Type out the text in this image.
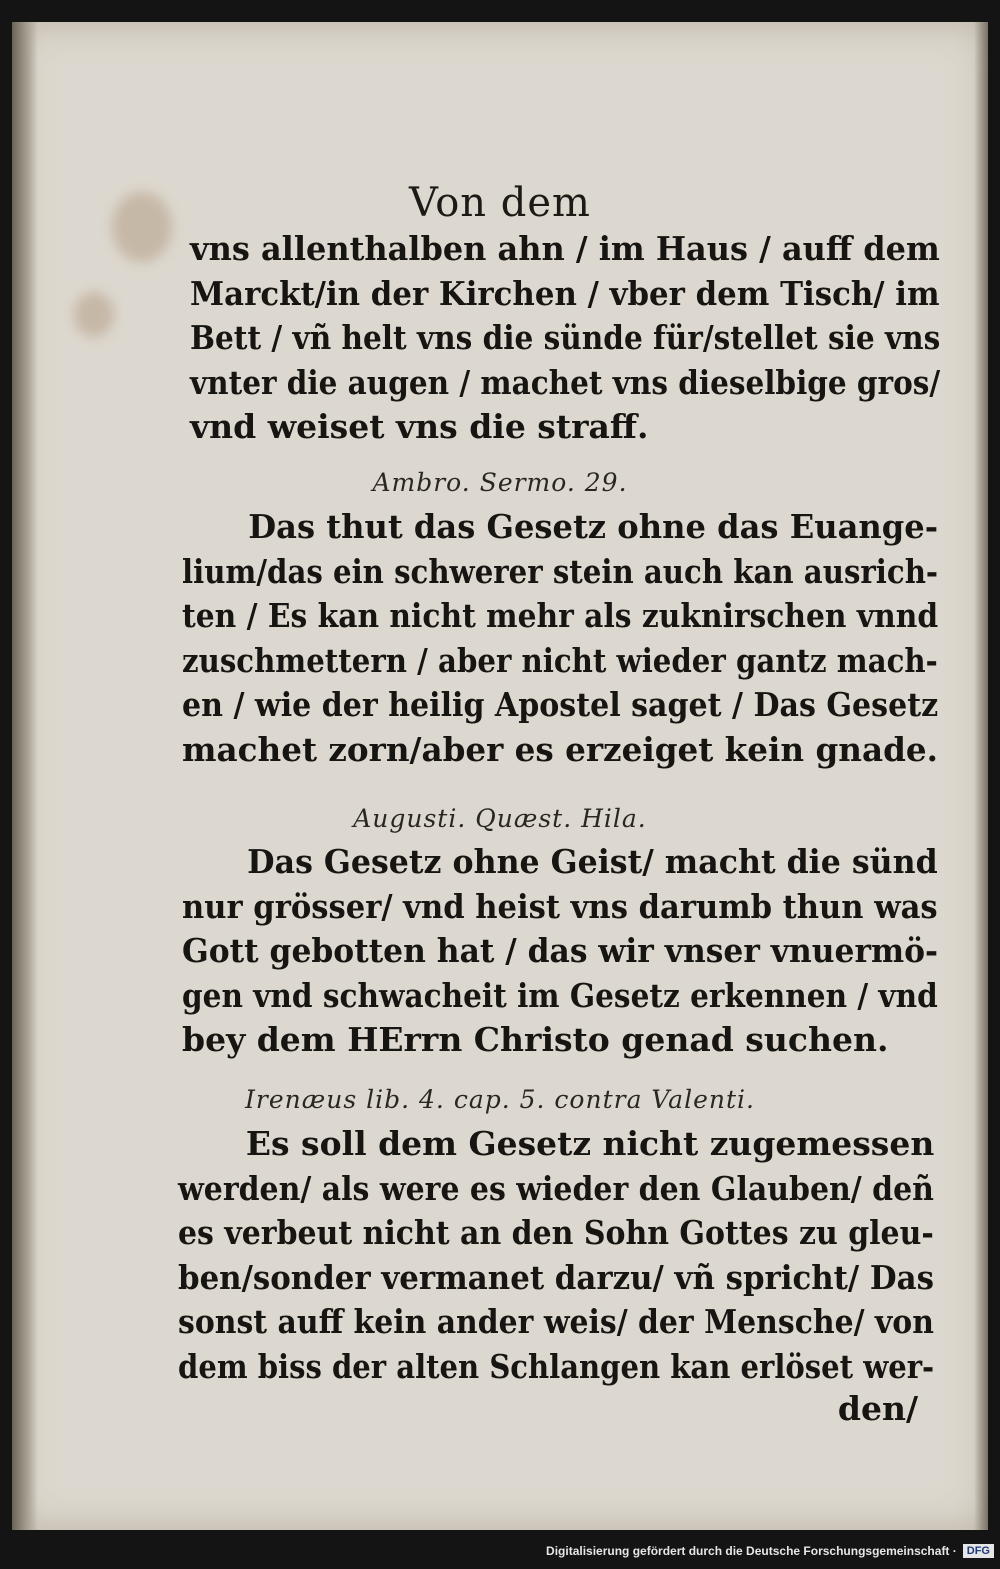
Von dem
vns allenthalben ahn / im Haus / auff dem
Marckt/in der Kirchen / vber dem Tisch/ im
Bett / vñ helt vns die sünde für/stellet sie vns
vnter die augen / machet vns dieselbige gros/
vnd weiset vns die straff.
Ambro. Sermo. 29.
Das thut das Gesetz ohne das Euange-
lium/das ein schwerer stein auch kan ausrich-
ten / Es kan nicht mehr als zuknirschen vnnd
zuschmettern / aber nicht wieder gantz mach-
en / wie der heilig Apostel saget / Das Gesetz
machet zorn/aber es erzeiget kein gnade.
Augusti. Quæst. Hila.
Das Gesetz ohne Geist/ macht die sünd
nur grösser/ vnd heist vns darumb thun was
Gott gebotten hat / das wir vnser vnuermö-
gen vnd schwacheit im Gesetz erkennen / vnd
bey dem HErrn Christo genad suchen.
Irenæus lib. 4. cap. 5. contra Valenti.
Es soll dem Gesetz nicht zugemessen
werden/ als were es wieder den Glauben/ deñ
es verbeut nicht an den Sohn Gottes zu gleu-
ben/sonder vermanet darzu/ vñ spricht/ Das
sonst auff kein ander weis/ der Mensche/ von
dem biss der alten Schlangen kan erlöset wer-
den/
Digitalisierung gefördert durch die Deutsche Forschungsgemeinschaft · DFG
